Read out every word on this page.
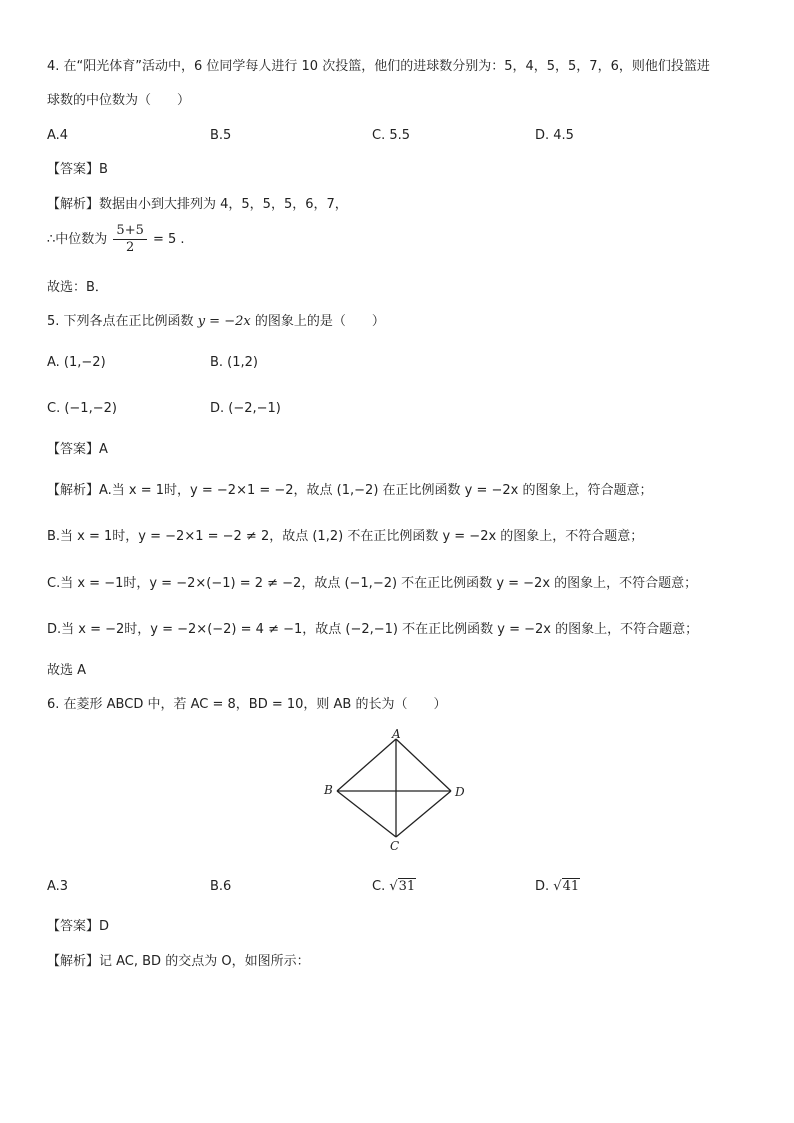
4. 在“阳光体育”活动中，6 位同学每人进行 10 次投篮，他们的进球数分别为：5，4，5，5，7，6，则他们投篮进
球数的中位数为（　　）
A.4	B.5	C. 5.5	D. 4.5
【答案】B
【解析】数据由小到大排列为 4，5，5，5，6，7，
∴中位数为 $\frac{5+5}{2} = 5$ .
故选：B．
5. 下列各点在正比例函数 y = −2x 的图象上的是（　　）
A. (1,−2)	B. (1,2)
C. (−1,−2)	D. (−2,−1)
【答案】A
【解析】A.当 x = 1时，y = −2×1 = −2，故点 (1,−2) 在正比例函数 y = −2x 的图象上，符合题意；
B.当 x = 1时，y = −2×1 = −2 ≠ 2，故点 (1,2) 不在正比例函数 y = −2x 的图象上，不符合题意；
C.当 x = −1时，y = −2×(−1) = 2 ≠ −2，故点 (−1,−2) 不在正比例函数 y = −2x 的图象上，不符合题意；
D.当 x = −2时，y = −2×(−2) = 4 ≠ −1，故点 (−2,−1) 不在正比例函数 y = −2x 的图象上，不符合题意；
故选 A
6. 在菱形 ABCD 中，若 AC = 8，BD = 10，则 AB 的长为（　　）
A
B
C
D
A.3	B.6	C. √31	D. √41
【答案】D
【解析】记 AC, BD 的交点为 O，如图所示：
